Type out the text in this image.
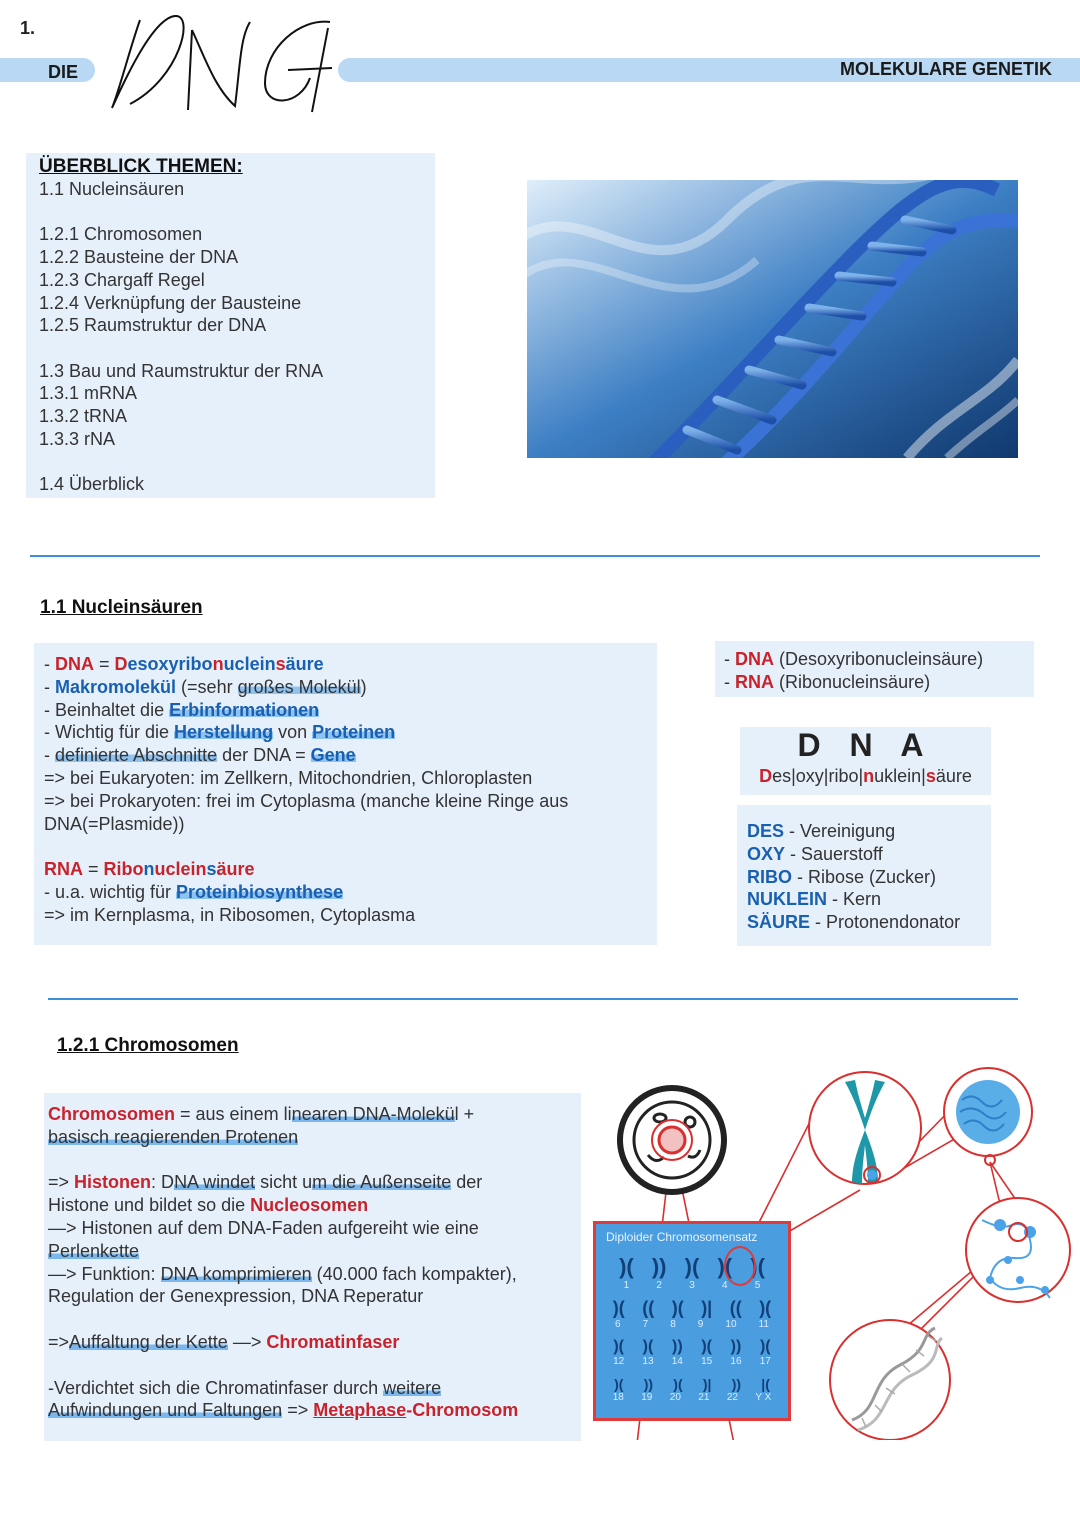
1.
DIE	MOLEKULARE GENETIK
ÜBERBLICK THEMEN:
1.1 Nucleinsäuren
1.2.1 Chromosomen
1.2.2 Bausteine der DNA
1.2.3 Chargaff Regel
1.2.4 Verknüpfung der Bausteine
1.2.5 Raumstruktur der DNA
1.3 Bau und Raumstruktur der RNA
1.3.1 mRNA
1.3.2 tRNA
1.3.3 rNA
1.4 Überblick
1.1 Nucleinsäuren
- DNA = Desoxyribonucleinsäure
- Makromolekül (=sehr großes Molekül)
- Beinhaltet die Erbinformationen
- Wichtig für die Herstellung von Proteinen
- definierte Abschnitte der DNA = Gene
=> bei Eukaryoten: im Zellkern, Mitochondrien, Chloroplasten
=> bei Prokaryoten: frei im Cytoplasma (manche kleine Ringe aus
DNA(=Plasmide))
RNA = Ribonucleinsäure
- u.a. wichtig für Proteinbiosynthese
=> im Kernplasma, in Ribosomen, Cytoplasma
- DNA (Desoxyribonucleinsäure)
- RNA (Ribonucleinsäure)
D N A
Des|oxy|ribo|nuklein|säure
DES - Vereinigung
OXY - Sauerstoff
RIBO - Ribose (Zucker)
NUKLEIN - Kern
SÄURE - Protonendonator
1.2.1 Chromosomen
Chromosomen = aus einem linearen DNA-Molekül +
basisch reagierenden Protenen
=> Histonen: DNA windet sicht um die Außenseite der
Histone und bildet so die Nucleosomen
—> Histonen auf dem DNA-Faden aufgereiht wie eine
Perlenkette
—> Funktion: DNA komprimieren (40.000 fach kompakter),
Regulation der Genexpression, DNA Reperatur
=>Auffaltung der Kette —> Chromatinfaser
-Verdichtet sich die Chromatinfaser durch weitere
Aufwindungen und Faltungen => Metaphase-Chromosom
Diploider Chromosomensatz
)( )) )( )( )(
1	2	3	4	5
)( (( )( )| (( )(
6 7 8 9 10 11
)( )( )) )( )) )(
12 13 14 15 16 17
)( )) )( )| )) |(
18 19 20 21 22 Y X
